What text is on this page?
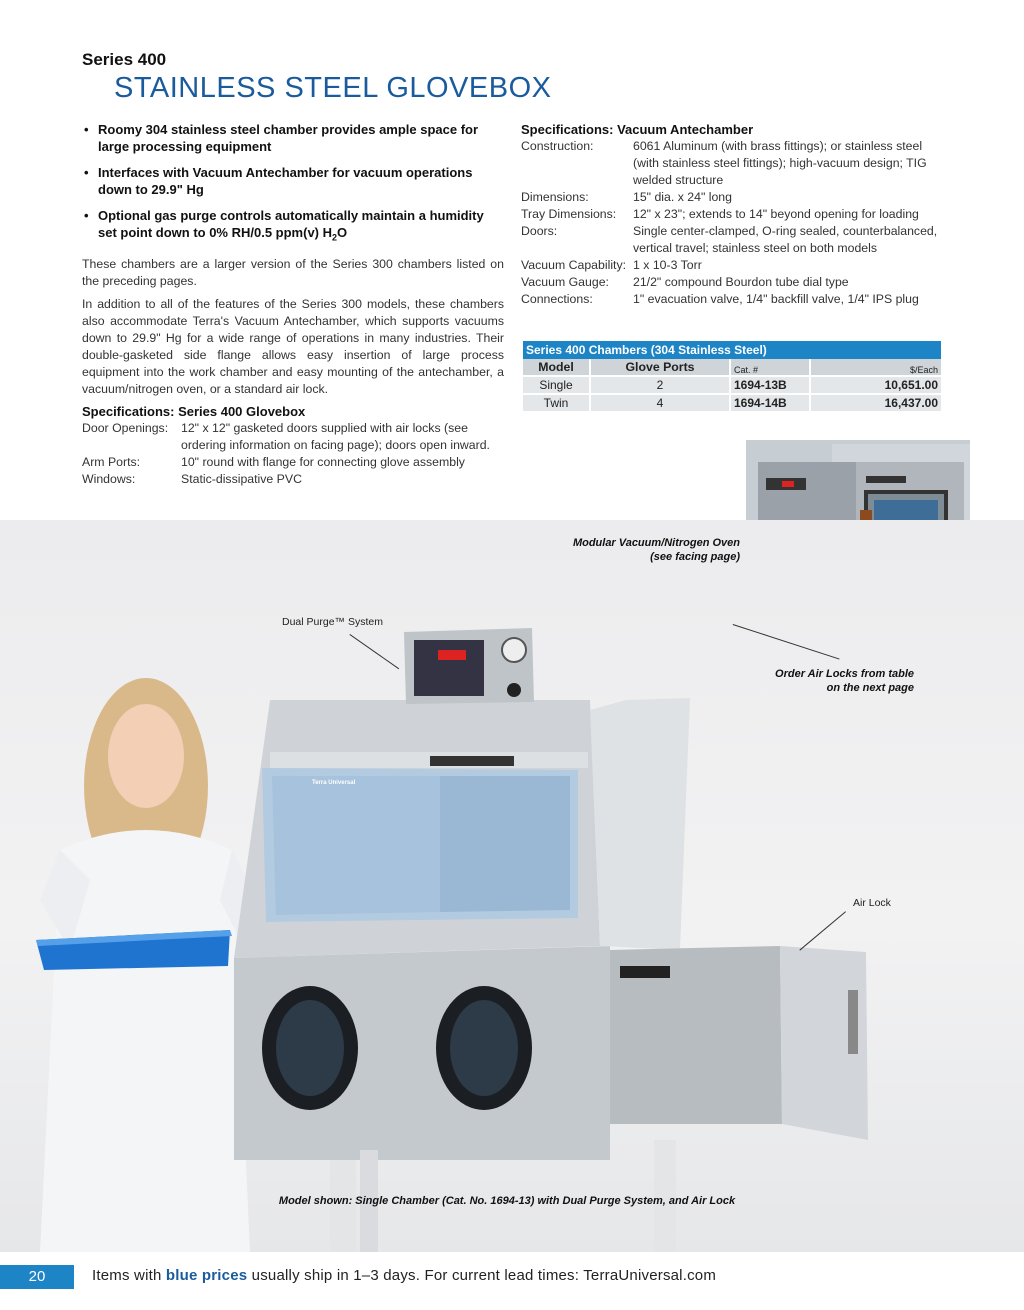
Series 400
STAINLESS STEEL GLOVEBOX
• Roomy 304 stainless steel chamber provides ample space for large processing equipment
• Interfaces with Vacuum Antechamber for vacuum operations down to 29.9" Hg
• Optional gas purge controls automatically maintain a humidity set point down to 0% RH/0.5 ppm(v) $H_2O$

These chambers are a larger version of the Series 300 chambers listed on the preceding pages.

In addition to all of the features of the Series 300 models, these chambers also accommodate Terra's Vacuum Antechamber, which supports vacuums down to 29.9" Hg for a wide range of operations in many industries. Their double-gasketed side flange allows easy insertion of large process equipment into the work chamber and easy mounting of the antechamber, a vacuum/nitrogen oven, or a standard air lock.

Specifications: Series 400 Glovebox
Door Openings:	12" x 12" gasketed doors supplied with air locks (see ordering information on facing page); doors open inward.
Arm Ports:	10" round with flange for connecting glove assembly
Windows:	Static-dissipative PVC
Specifications: Vacuum Antechamber
Construction:	6061 Aluminum (with brass fittings); or stainless steel (with stainless steel fittings); high-vacuum design; TIG welded structure
Dimensions:	15" dia. x 24" long
Tray Dimensions:	12" x 23"; extends to 14" beyond opening for loading
Doors:	Single center-clamped, O-ring sealed, counterbalanced, vertical travel; stainless steel on both models
Vacuum Capability: 1 x 10-3 Torr
Vacuum Gauge:	21/2" compound Bourdon tube dial type
Connections:	1" evacuation valve, 1/4" backfill valve, 1/4" IPS plug
Series 400 Chambers (304 Stainless Steel)
Model	Glove Ports	Cat. #	$/Each
Single	2	1694-13B	10,651.00
Twin	4	1694-14B	16,437.00
Modular Vacuum/Nitrogen Oven (see facing page)
Order Air Locks from table on the next page
Dual Purge™ System
Air Lock
Terra Universal
Model shown: Single Chamber (Cat. No. 1694-13) with Dual Purge System, and Air Lock
20	Items with blue prices usually ship in 1–3 days. For current lead times: TerraUniversal.com
